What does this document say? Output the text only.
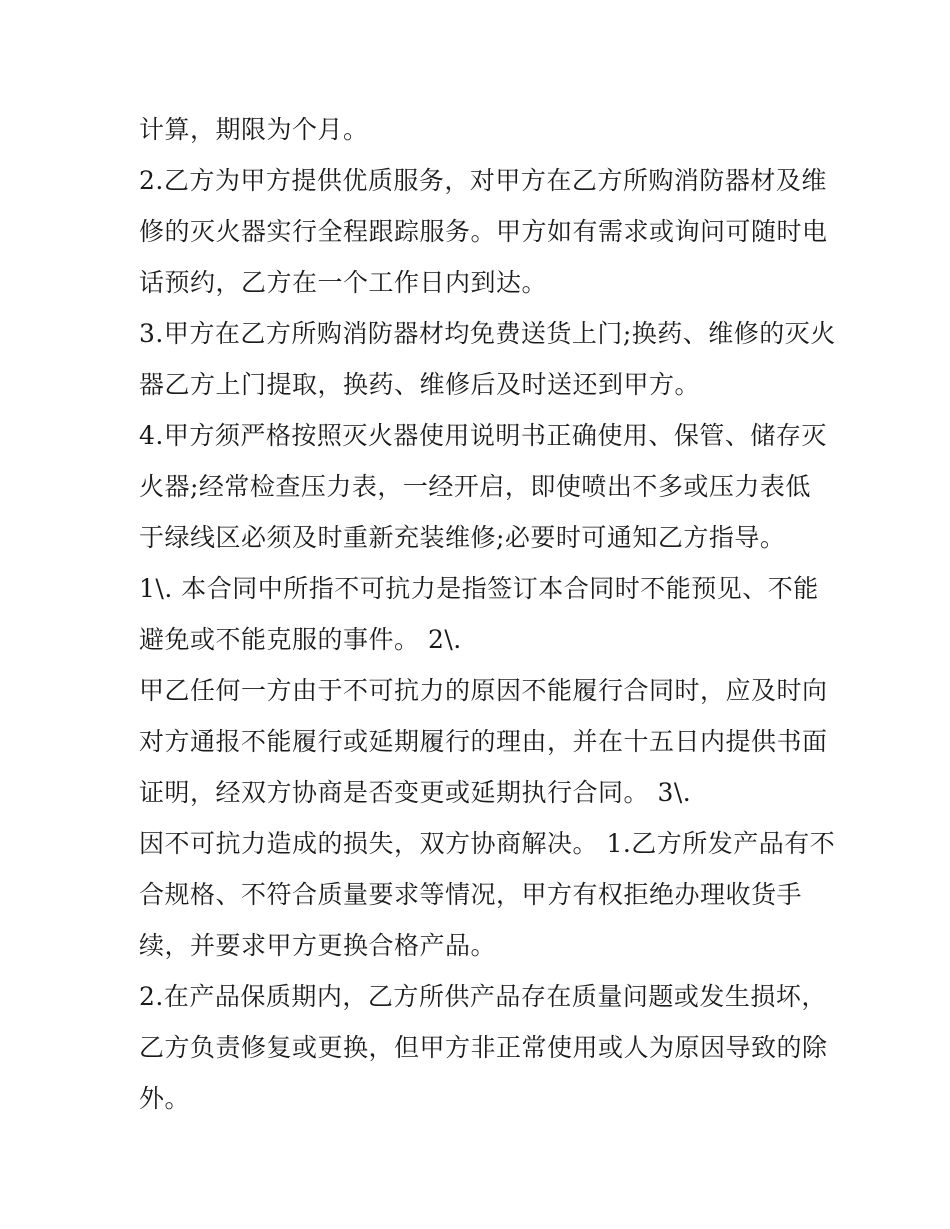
计算，期限为个月。
2.乙方为甲方提供优质服务，对甲方在乙方所购消防器材及维
修的灭火器实行全程跟踪服务。甲方如有需求或询问可随时电
话预约，乙方在一个工作日内到达。
3.甲方在乙方所购消防器材均免费送货上门;换药、维修的灭火
器乙方上门提取，换药、维修后及时送还到甲方。
4.甲方须严格按照灭火器使用说明书正确使用、保管、储存灭
火器;经常检查压力表，一经开启，即使喷出不多或压力表低
于绿线区必须及时重新充装维修;必要时可通知乙方指导。
1\. 本合同中所指不可抗力是指签订本合同时不能预见、不能
避免或不能克服的事件。 2\.
甲乙任何一方由于不可抗力的原因不能履行合同时，应及时向
对方通报不能履行或延期履行的理由，并在十五日内提供书面
证明，经双方协商是否变更或延期执行合同。 3\.
因不可抗力造成的损失，双方协商解决。 1.乙方所发产品有不
合规格、不符合质量要求等情况，甲方有权拒绝办理收货手
续，并要求甲方更换合格产品。
2.在产品保质期内，乙方所供产品存在质量问题或发生损坏，
乙方负责修复或更换，但甲方非正常使用或人为原因导致的除
外。
